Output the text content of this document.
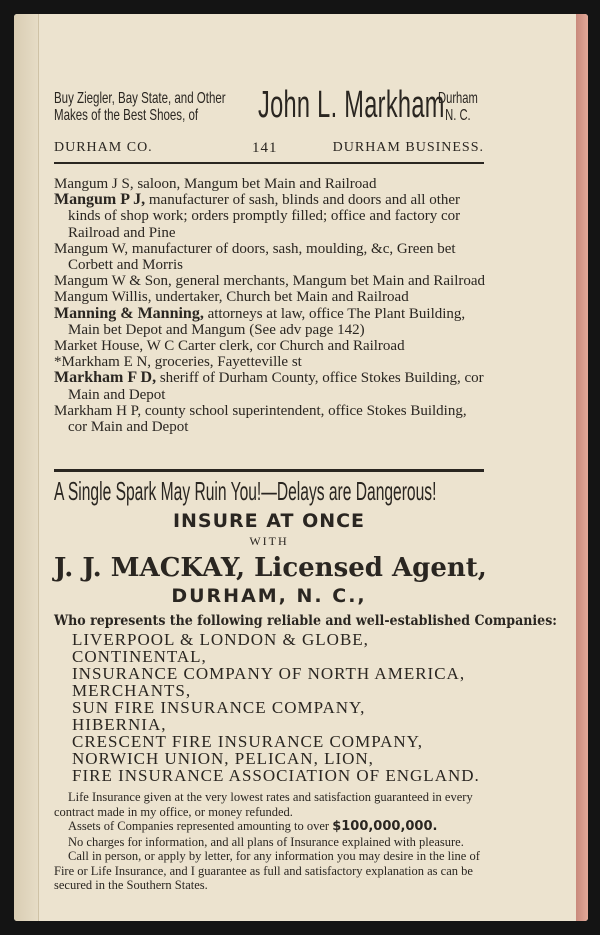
Buy Ziegler, Bay State, and Other
Makes of the Best Shoes, of	John L. Markham
Durham
N. C.
DURHAM CO.	141	DURHAM BUSINESS.

Mangum J S, saloon, Mangum bet Main and Railroad

Mangum P J, manufacturer of sash, blinds and doors and all other kinds of shop work; orders promptly filled; office and factory cor Railroad and Pine

Mangum W, manufacturer of doors, sash, moulding, &c, Green bet Corbett and Morris

Mangum W & Son, general merchants, Mangum bet Main and Railroad

Mangum Willis, undertaker, Church bet Main and Railroad

Manning & Manning, attorneys at law, office The Plant Building, Main bet Depot and Mangum (See adv page 142)

Market House, W C Carter clerk, cor Church and Railroad

*Markham E N, groceries, Fayetteville st

Markham F D, sheriff of Durham County, office Stokes Building, cor Main and Depot

Markham H P, county school superintendent, office Stokes Building, cor Main and Depot

A Single Spark May Ruin You!—Delays are Dangerous!
INSURE AT ONCE
WITH
J. J. MACKAY, Licensed Agent,
DURHAM, N. C.,
Who represents the following reliable and well-established Companies:
LIVERPOOL & LONDON & GLOBE,
CONTINENTAL,
INSURANCE COMPANY OF NORTH AMERICA,
MERCHANTS,
SUN FIRE INSURANCE COMPANY,
HIBERNIA,
CRESCENT FIRE INSURANCE COMPANY,
NORWICH UNION, PELICAN, LION,
FIRE INSURANCE ASSOCIATION OF ENGLAND.

Life Insurance given at the very lowest rates and satisfaction guaranteed in every contract made in my office, or money refunded.

Assets of Companies represented amounting to over $100,000,000.

No charges for information, and all plans of Insurance explained with pleasure.

Call in person, or apply by letter, for any information you may desire in the line of Fire or Life Insurance, and I guarantee as full and satisfactory explanation as can be secured in the Southern States.
